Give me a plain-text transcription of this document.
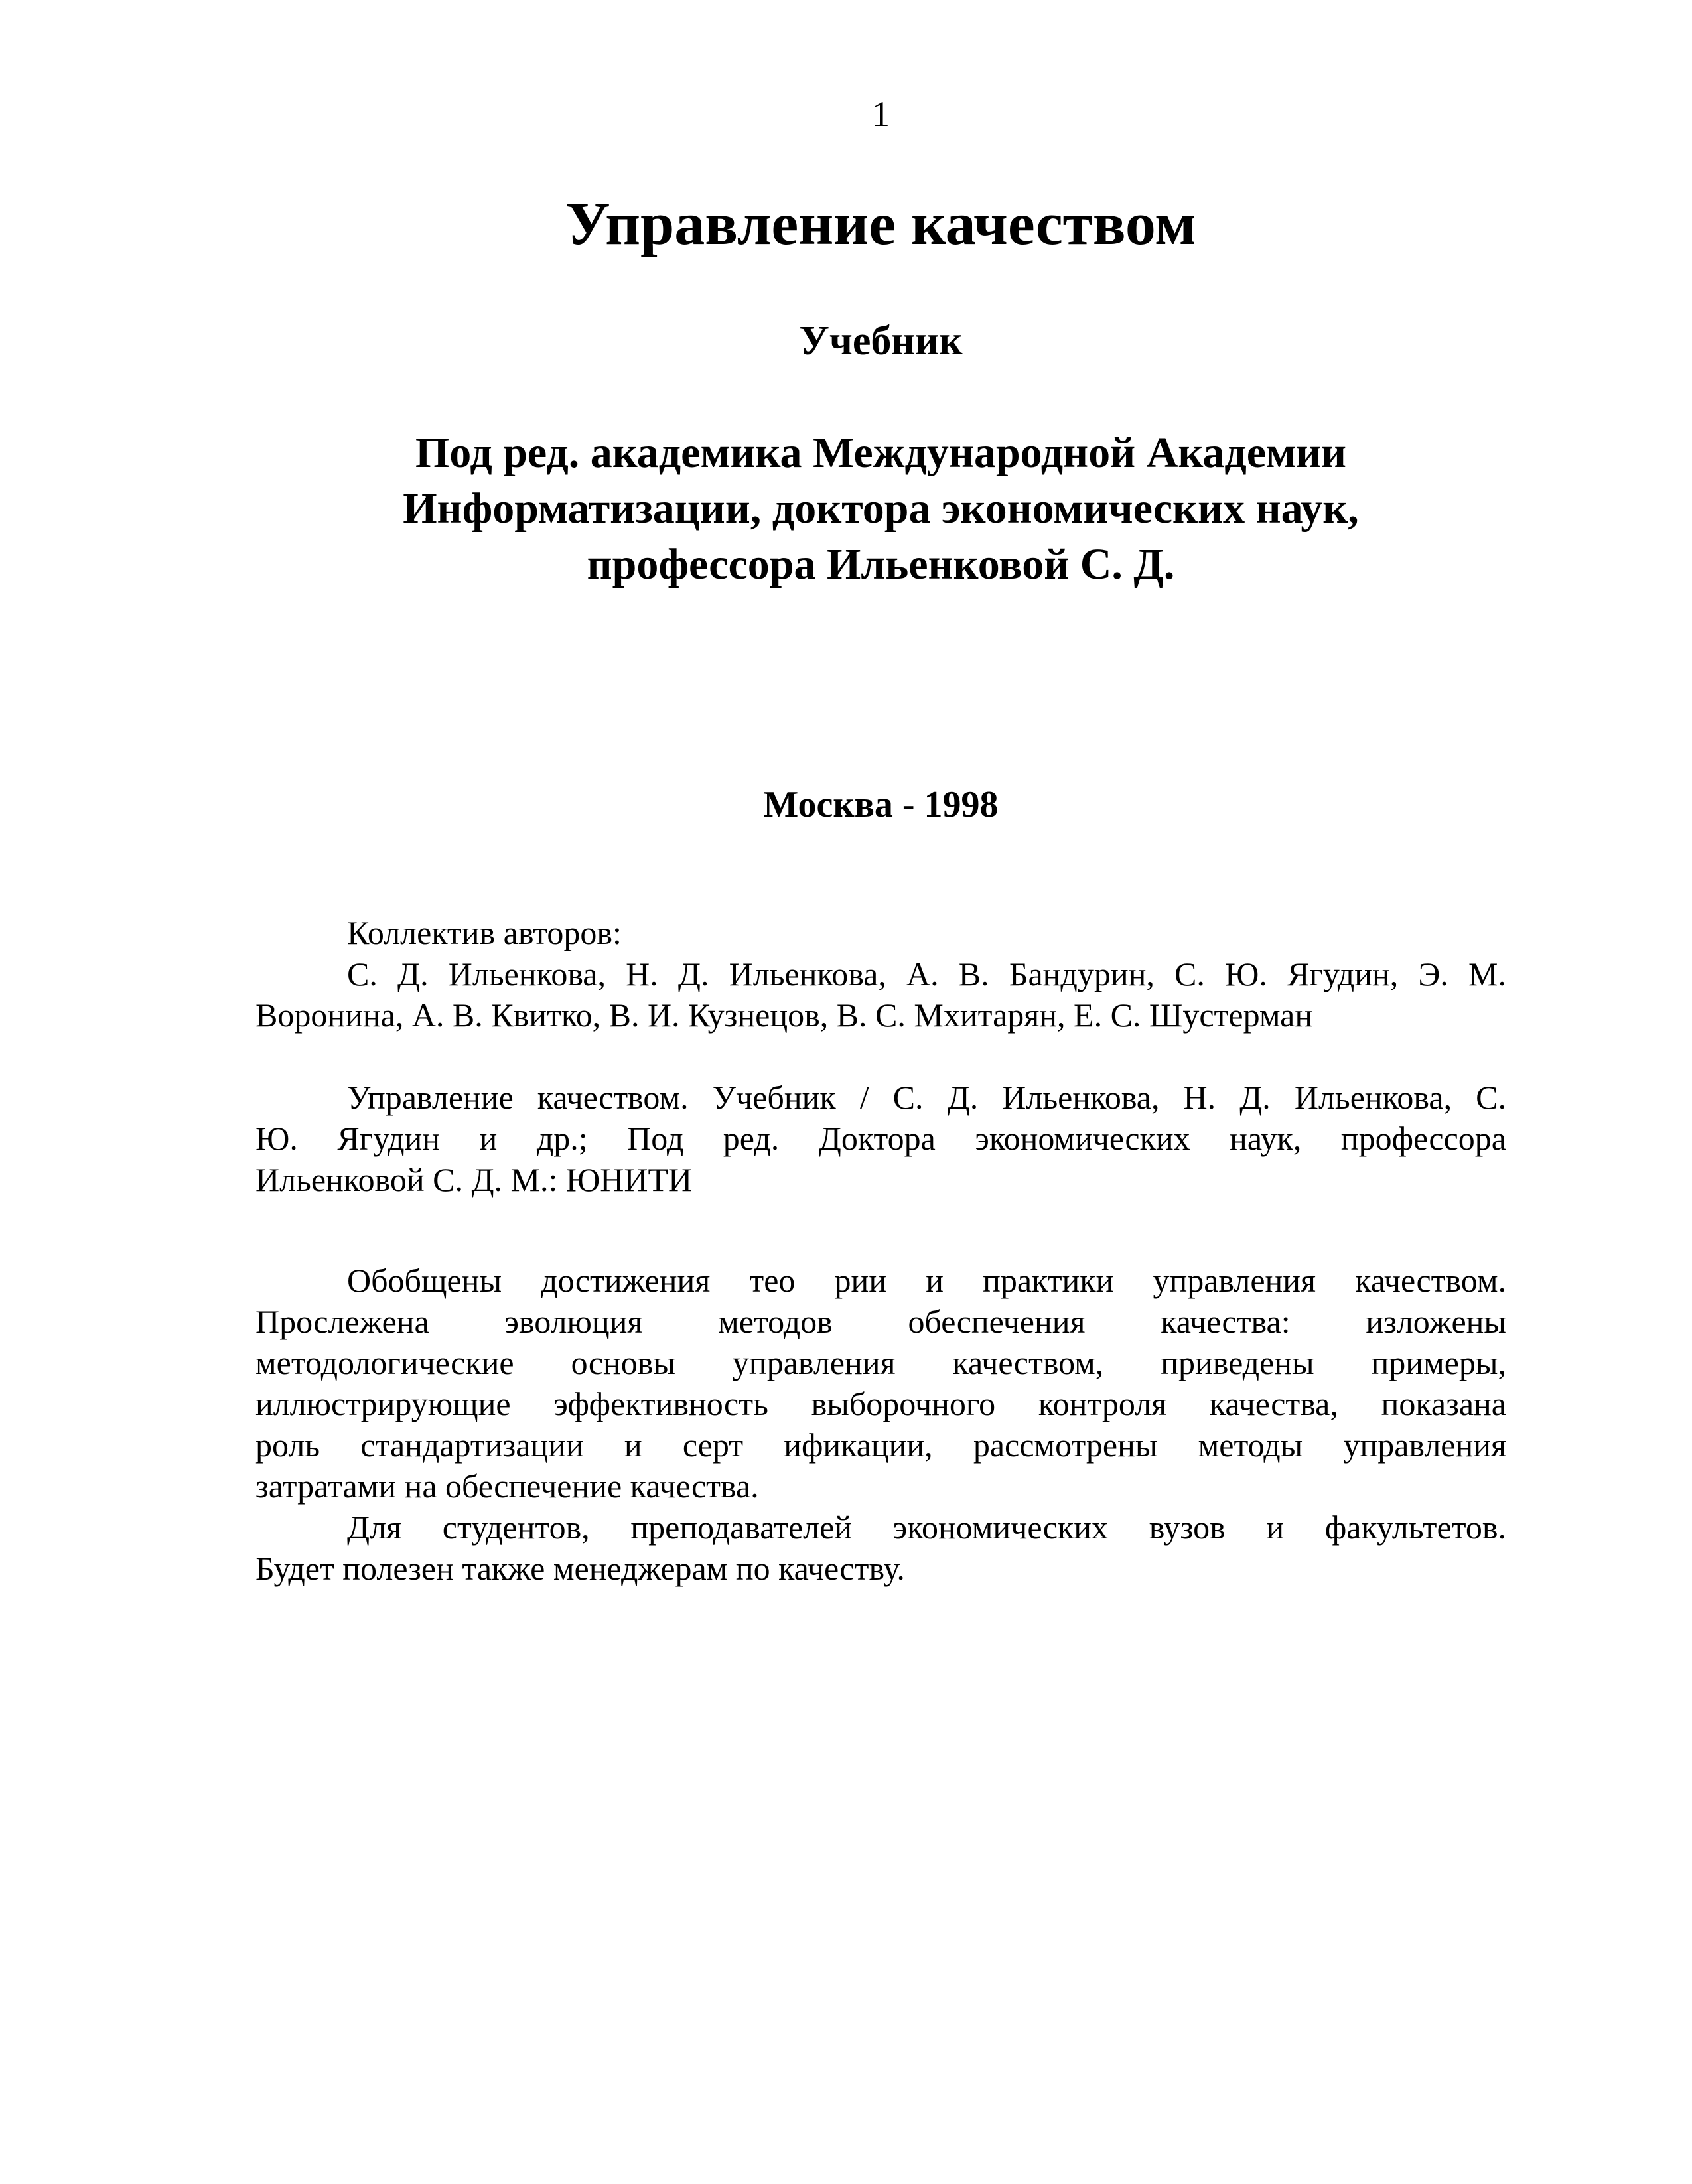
1
Управление качеством
Учебник
Под ред. академика Международной Академии
Информатизации, доктора экономических наук,
профессора Ильенковой С. Д.
Москва - 1998
Коллектив авторов:
С. Д. Ильенкова, Н. Д. Ильенкова, А. В. Бандурин, С. Ю. Ягудин, Э. М.
Воронина, А. В. Квитко, В. И. Кузнецов, В. С. Мхитарян, Е. С. Шустерман
Управление качеством. Учебник / С. Д. Ильенкова, Н. Д. Ильенкова, С.
Ю. Ягудин и др.; Под ред. Доктора экономических наук, профессора
Ильенковой С. Д. М.: ЮНИТИ
Обобщены достижения тео рии и практики управления качеством.
Прослежена эволюция методов обеспечения качества: изложены
методологические основы управления качеством, приведены примеры,
иллюстрирующие эффективность выборочного контроля качества, показана
роль стандартизации и серт ификации, рассмотрены методы управления
затратами на обеспечение качества.
Для студентов, преподавателей экономических вузов и факультетов.
Будет полезен также менеджерам по качеству.
